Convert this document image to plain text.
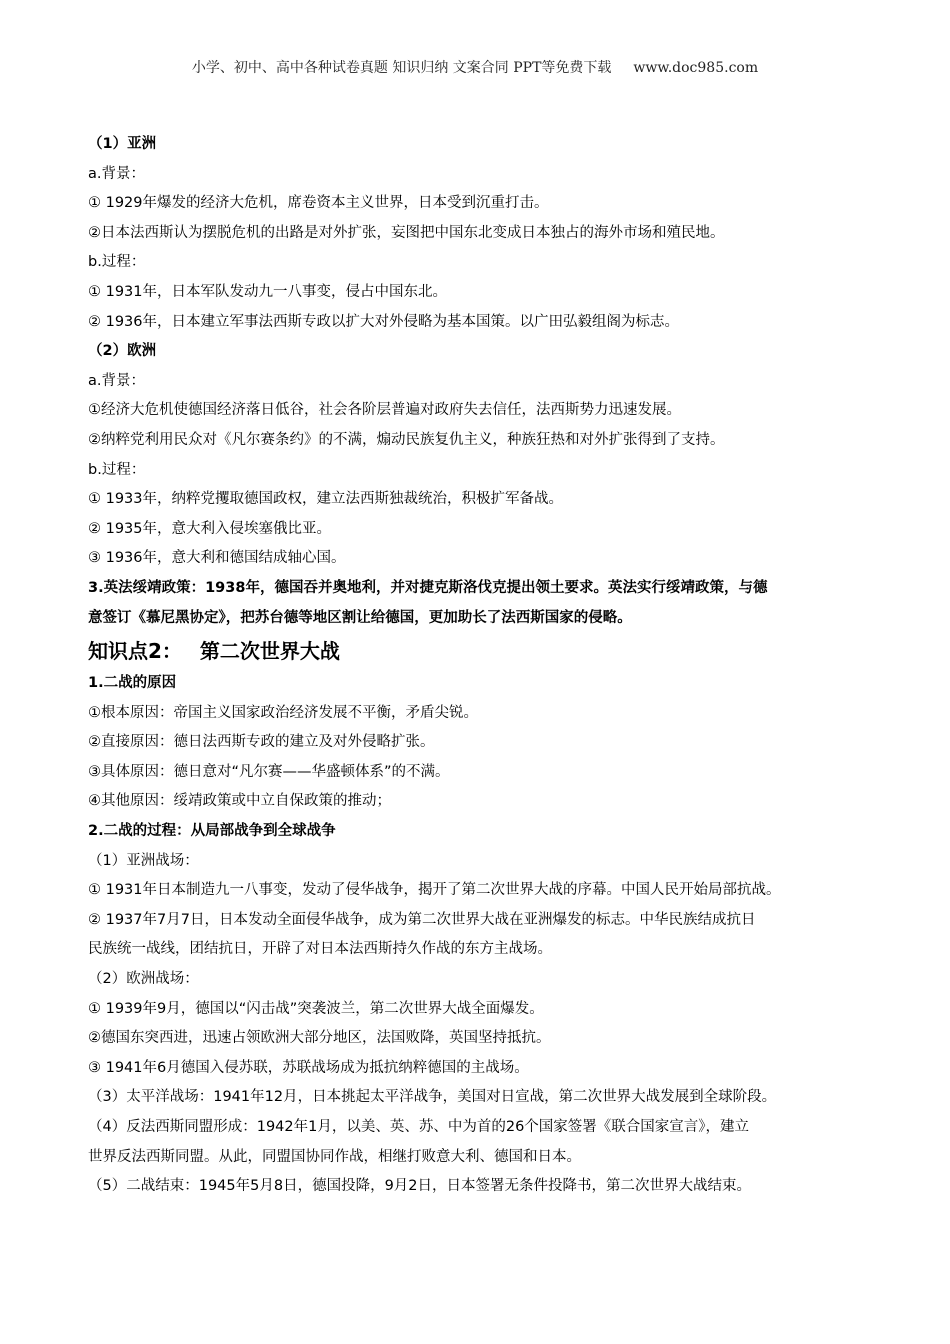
小学、初中、高中各种试卷真题 知识归纳 文案合同 PPT等免费下载 www.doc985.com
（1）亚洲
a.背景：
① 1929年爆发的经济大危机，席卷资本主义世界，日本受到沉重打击。
②日本法西斯认为摆脱危机的出路是对外扩张，妄图把中国东北变成日本独占的海外市场和殖民地。
b.过程：
① 1931年，日本军队发动九一八事变，侵占中国东北。
② 1936年，日本建立军事法西斯专政以扩大对外侵略为基本国策。以广田弘毅组阁为标志。
（2）欧洲
a.背景：
①经济大危机使德国经济落日低谷，社会各阶层普遍对政府失去信任，法西斯势力迅速发展。
②纳粹党利用民众对《凡尔赛条约》的不满，煽动民族复仇主义，种族狂热和对外扩张得到了支持。
b.过程：
① 1933年，纳粹党攫取德国政权，建立法西斯独裁统治，积极扩军备战。
② 1935年，意大利入侵埃塞俄比亚。
③ 1936年，意大利和德国结成轴心国。
3.英法绥靖政策：1938年，德国吞并奥地利，并对捷克斯洛伐克提出领土要求。英法实行绥靖政策，与德
意签订《慕尼黑协定》，把苏台德等地区割让给德国，更加助长了法西斯国家的侵略。
知识点2： 第二次世界大战
1.二战的原因
①根本原因：帝国主义国家政治经济发展不平衡，矛盾尖锐。
②直接原因：德日法西斯专政的建立及对外侵略扩张。
③具体原因：德日意对“凡尔赛——华盛顿体系”的不满。
④其他原因：绥靖政策或中立自保政策的推动；
2.二战的过程：从局部战争到全球战争
（1）亚洲战场：
① 1931年日本制造九一八事变，发动了侵华战争，揭开了第二次世界大战的序幕。中国人民开始局部抗战。
② 1937年7月7日，日本发动全面侵华战争，成为第二次世界大战在亚洲爆发的标志。中华民族结成抗日
民族统一战线，团结抗日，开辟了对日本法西斯持久作战的东方主战场。
（2）欧洲战场：
① 1939年9月，德国以“闪击战”突袭波兰，第二次世界大战全面爆发。
②德国东突西进，迅速占领欧洲大部分地区，法国败降，英国坚持抵抗。
③ 1941年6月德国入侵苏联，苏联战场成为抵抗纳粹德国的主战场。
（3）太平洋战场：1941年12月，日本挑起太平洋战争，美国对日宣战，第二次世界大战发展到全球阶段。
（4）反法西斯同盟形成：1942年1月，以美、英、苏、中为首的26个国家签署《联合国家宣言》，建立
世界反法西斯同盟。从此，同盟国协同作战，相继打败意大利、德国和日本。
（5）二战结束：1945年5月8日，德国投降，9月2日，日本签署无条件投降书，第二次世界大战结束。
